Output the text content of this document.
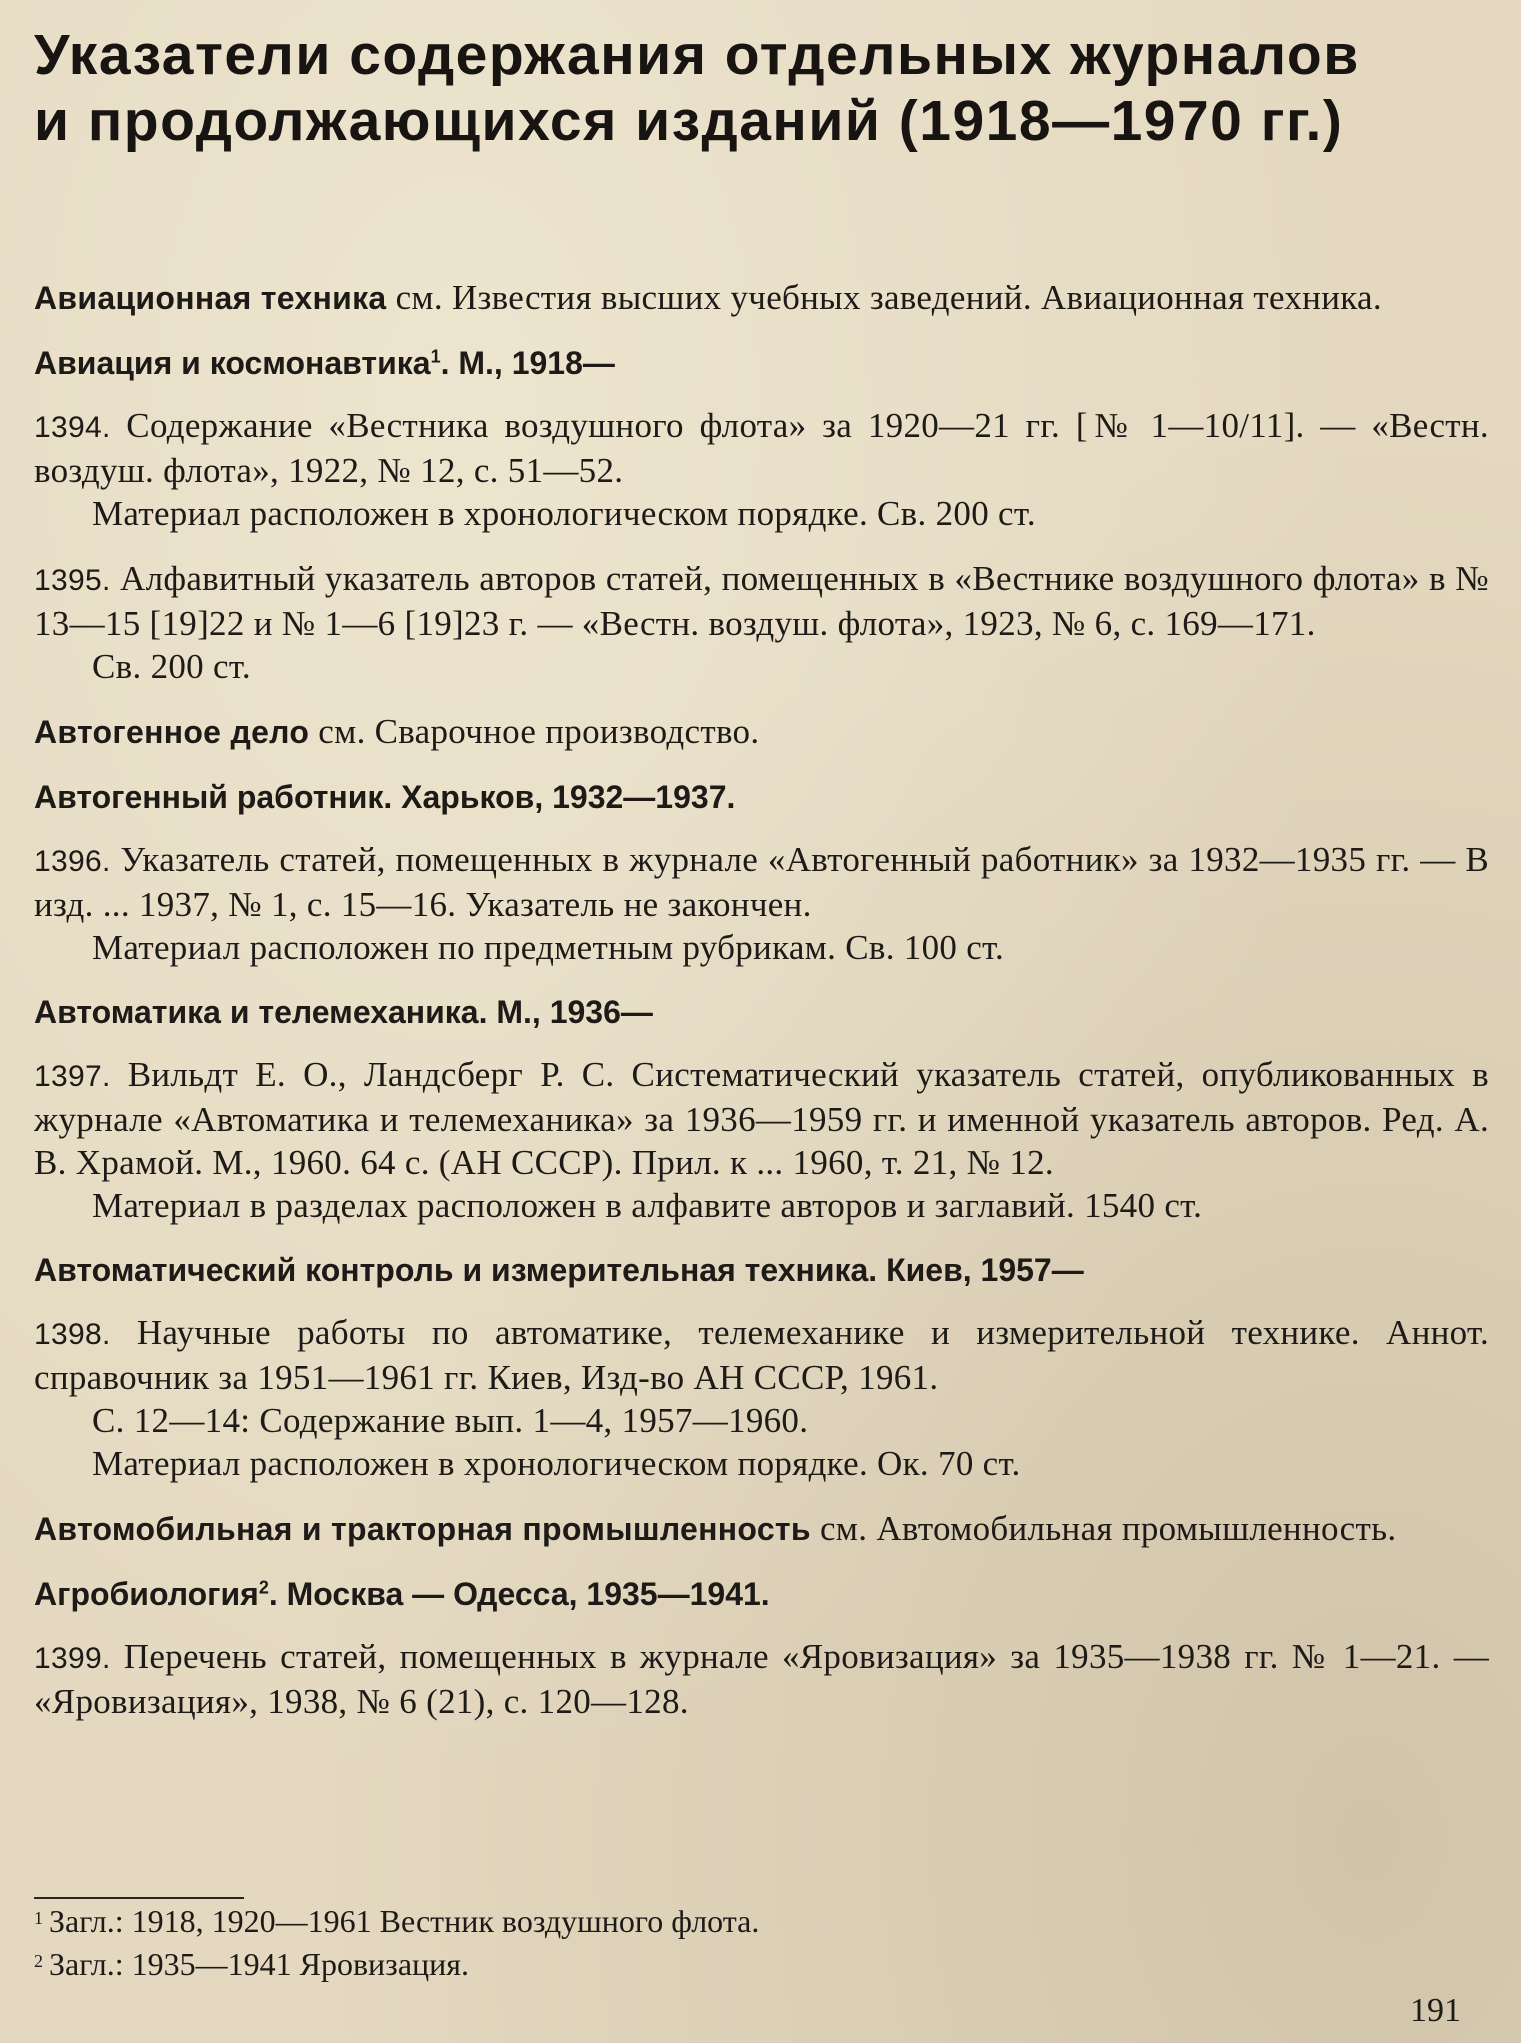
Указатели содержания отдельных журналов
и продолжающихся изданий (1918—1970 гг.)
Авиационная техника см. Известия высших учебных заведений. Авиационная техника.
Авиация и космонавтика$^1$. М., 1918—
1394. Содержание «Вестника воздушного флота» за 1920—21 гг. [№ 1—10/11]. — «Вестн. воздуш. флота», 1922, № 12, с. 51—52.
Материал расположен в хронологическом порядке. Св. 200 ст.
1395. Алфавитный указатель авторов статей, помещенных в «Вестнике воздушного флота» в № 13—15 [19]22 и № 1—6 [19]23 г. — «Вестн. воздуш. флота», 1923, № 6, с. 169—171.
Св. 200 ст.
Автогенное дело см. Сварочное производство.
Автогенный работник. Харьков, 1932—1937.
1396. Указатель статей, помещенных в журнале «Автогенный работник» за 1932—1935 гг. — В изд. ... 1937, № 1, с. 15—16. Указатель не закончен.
Материал расположен по предметным рубрикам. Св. 100 ст.
Автоматика и телемеханика. М., 1936—
1397. Вильдт Е. О., Ландсберг Р. С. Систематический указатель статей, опубликованных в журнале «Автоматика и телемеханика» за 1936—1959 гг. и именной указатель авторов. Ред. А. В. Храмой. М., 1960. 64 с. (АН СССР). Прил. к ... 1960, т. 21, № 12.
Материал в разделах расположен в алфавите авторов и заглавий. 1540 ст.
Автоматический контроль и измерительная техника. Киев, 1957—
1398. Научные работы по автоматике, телемеханике и измерительной технике. Аннот. справочник за 1951—1961 гг. Киев, Изд-во АН СССР, 1961.
С. 12—14: Содержание вып. 1—4, 1957—1960.
Материал расположен в хронологическом порядке. Ок. 70 ст.
Автомобильная и тракторная промышленность см. Автомобильная промышленность.
Агробиология$^2$. Москва — Одесса, 1935—1941.
1399. Перечень статей, помещенных в журнале «Яровизация» за 1935—1938 гг. № 1—21. — «Яровизация», 1938, № 6 (21), с. 120—128.
$^1$ Загл.: 1918, 1920—1961 Вестник воздушного флота.
$^2$ Загл.: 1935—1941 Яровизация.
191
